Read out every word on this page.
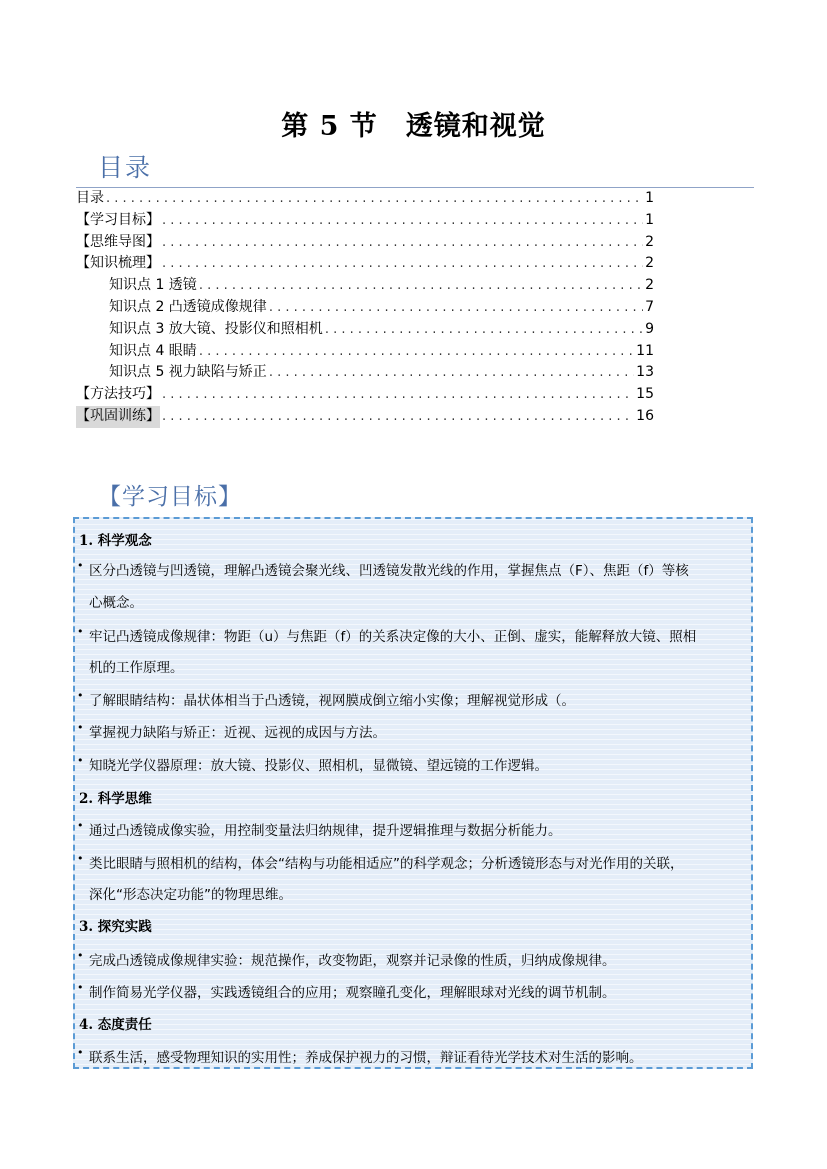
第 5 节　透镜和视觉
目录
目录 . . .	1
【学习目标】 . . .	1
【思维导图】 . . .	2
【知识梳理】 . . .	2
知识点 1 透镜 . . .	2
知识点 2 凸透镜成像规律 . . .	7
知识点 3 放大镜、投影仪和照相机 . . .	9
知识点 4 眼睛 . . .	11
知识点 5 视力缺陷与矫正 . . .	13
【方法技巧】 . . .	15
【巩固训练】 . . .	16
【学习目标】
1. 科学观念
• 区分凸透镜与凹透镜，理解凸透镜会聚光线、凹透镜发散光线的作用，掌握焦点（F）、焦距（f）等核
心概念。
• 牢记凸透镜成像规律：物距（u）与焦距（f）的关系决定像的大小、正倒、虚实，能解释放大镜、照相
机的工作原理。
• 了解眼睛结构：晶状体相当于凸透镜，视网膜成倒立缩小实像；理解视觉形成（。
• 掌握视力缺陷与矫正：近视、远视的成因与方法。
• 知晓光学仪器原理：放大镜、投影仪、照相机，显微镜、望远镜的工作逻辑。
2. 科学思维
• 通过凸透镜成像实验，用控制变量法归纳规律，提升逻辑推理与数据分析能力。
• 类比眼睛与照相机的结构，体会“结构与功能相适应”的科学观念；分析透镜形态与对光作用的关联，
深化“形态决定功能”的物理思维。
3. 探究实践
• 完成凸透镜成像规律实验：规范操作，改变物距，观察并记录像的性质，归纳成像规律。
• 制作简易光学仪器，实践透镜组合的应用；观察瞳孔变化，理解眼球对光线的调节机制。
4. 态度责任
• 联系生活，感受物理知识的实用性；养成保护视力的习惯，辩证看待光学技术对生活的影响。
